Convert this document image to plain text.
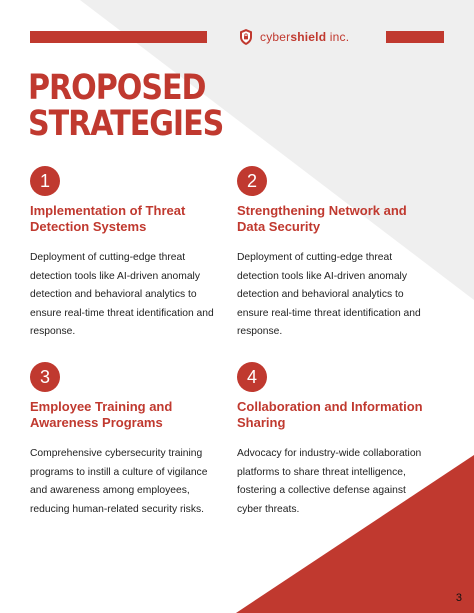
cybershield inc.
PROPOSED
STRATEGIES
1
Implementation of Threat Detection Systems

Deployment of cutting-edge threat detection tools like AI-driven anomaly detection and behavioral analytics to ensure real-time threat identification and response.

2
Strengthening Network and Data Security

Deployment of cutting-edge threat detection tools like AI-driven anomaly detection and behavioral analytics to ensure real-time threat identification and response.

3
Employee Training and Awareness Programs

Comprehensive cybersecurity training programs to instill a culture of vigilance and awareness among employees, reducing human-related security risks.

4
Collaboration and Information Sharing

Advocacy for industry-wide collaboration platforms to share threat intelligence, fostering a collective defense against cyber threats.

3
